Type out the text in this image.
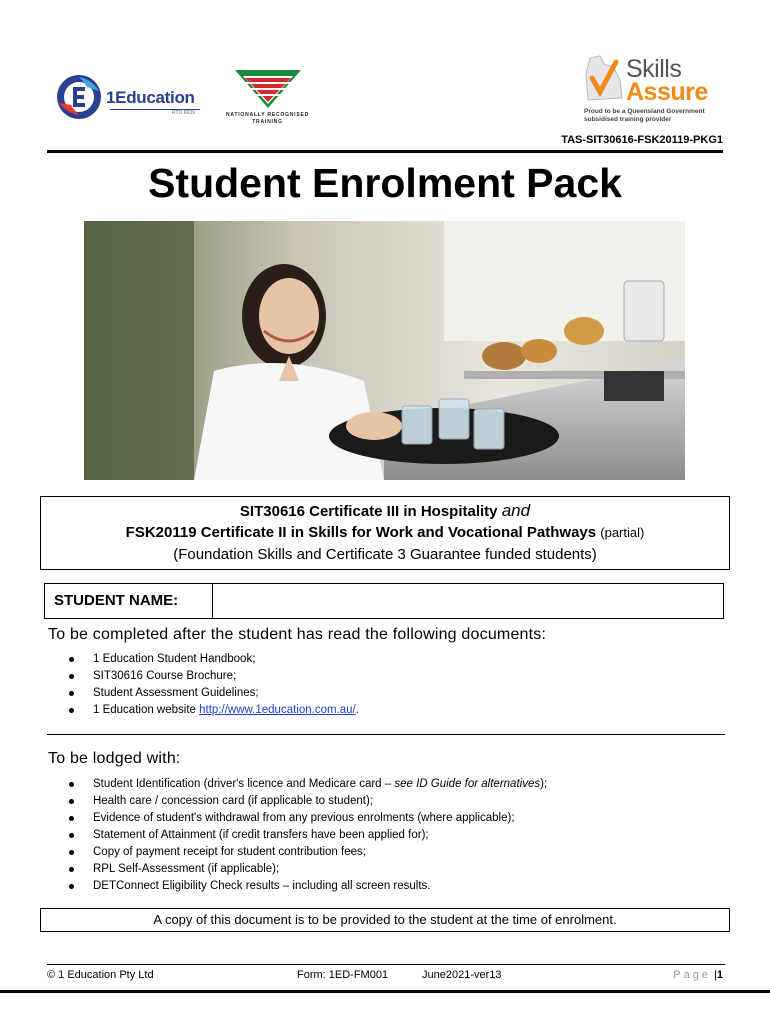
1Education
RTO 6639	NATIONALLY RECOGNISED
TRAINING
Skills
Assure
Proud to be a Queensland Government
subsidised training provider
TAS-SIT30616-FSK20119-PKG1
Student Enrolment Pack
SIT30616 Certificate III in Hospitality and
FSK20119 Certificate II in Skills for Work and Vocational Pathways (partial)
(Foundation Skills and Certificate 3 Guarantee funded students)
STUDENT NAME:
To be completed after the student has read the following documents:
1 Education Student Handbook;
SIT30616 Course Brochure;
Student Assessment Guidelines;
1 Education website http://www.1education.com.au/.
To be lodged with:
Student Identification (driver's licence and Medicare card – see ID Guide for alternatives);
Health care / concession card (if applicable to student);
Evidence of student's withdrawal from any previous enrolments (where applicable);
Statement of Attainment (if credit transfers have been applied for);
Copy of payment receipt for student contribution fees;
RPL Self-Assessment (if applicable);
DETConnect Eligibility Check results – including all screen results.
A copy of this document is to be provided to the student at the time of enrolment.
© 1 Education Pty Ltd	Form: 1ED-FM001	June2021-ver13	Page |1
